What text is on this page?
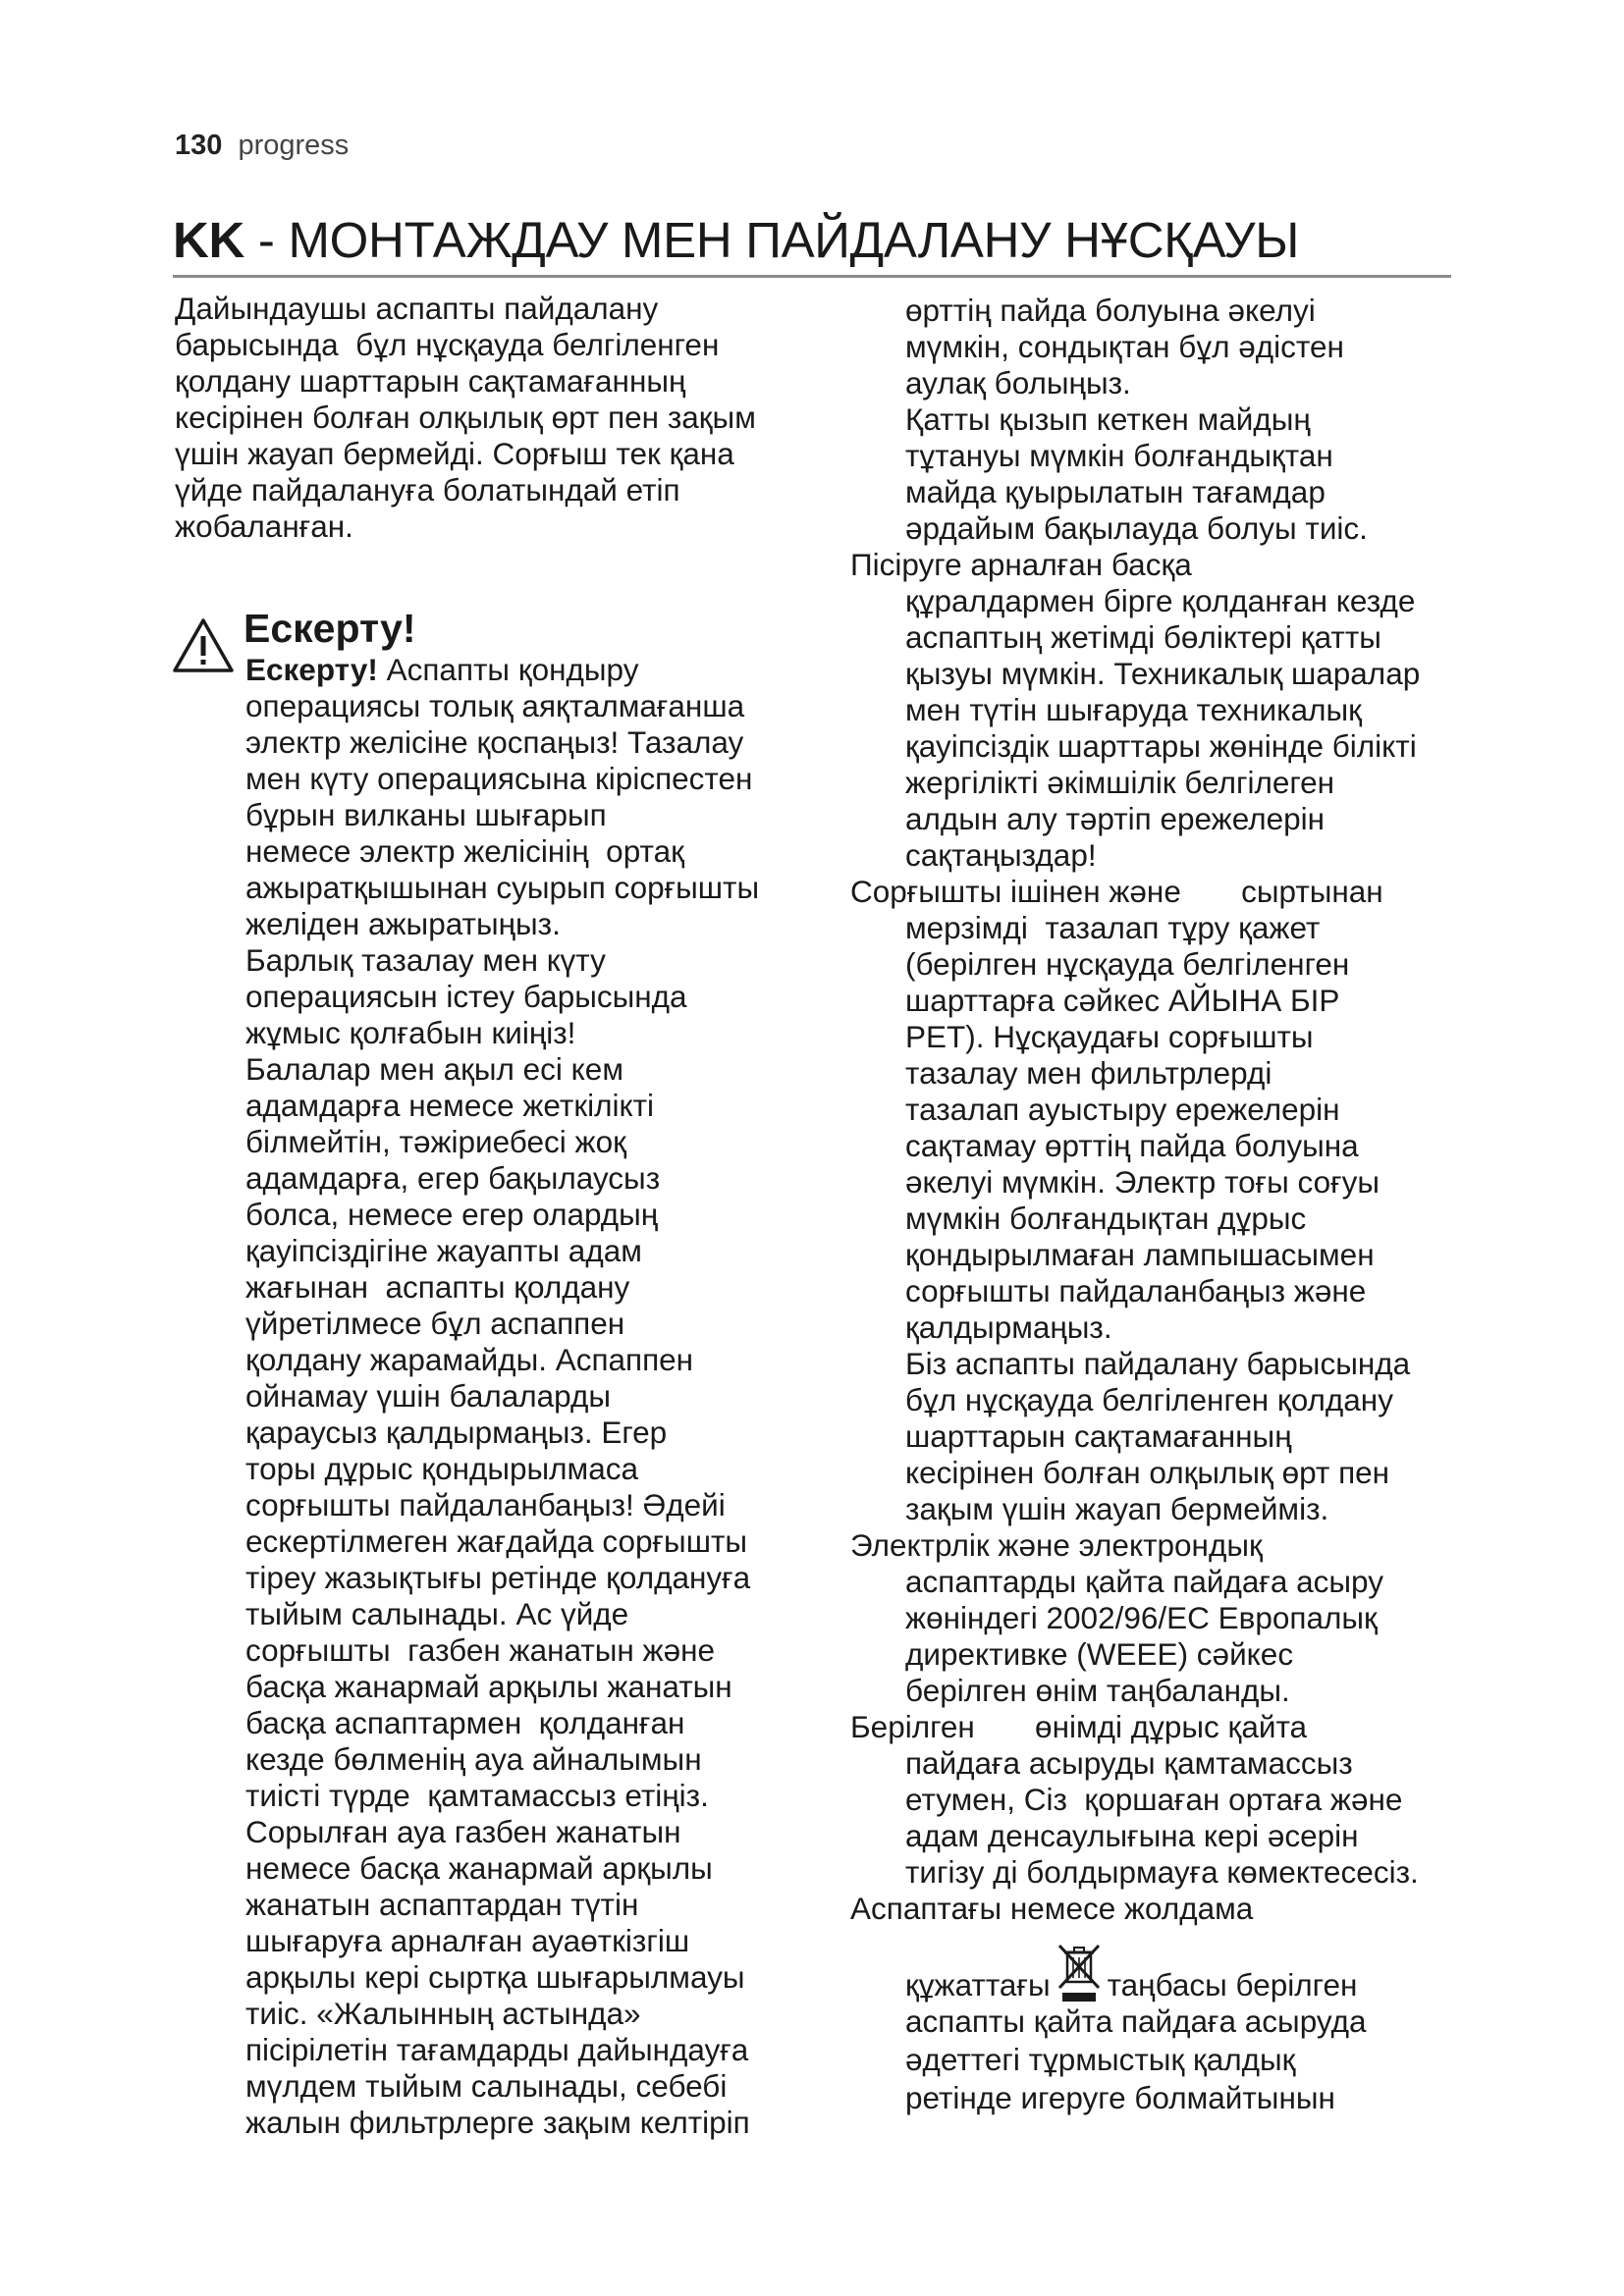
130 progress
KK - МОНТАЖДАУ МЕН ПАЙДАЛАНУ НҰСҚАУЫ

Дайындаушы аспапты пайдалану

барысында  бұл нұсқауда белгіленген

қолдану шарттарын сақтамағанның

кесірінен болған олқылық өрт пен зақым

үшін жауап бермейді. Сорғыш тек қана

үйде пайдалануға болатындай етіп

жобаланған.

Ескерту!

Ескерту! Аспапты қондыру

операциясы толық аяқталмағанша

электр желісіне қоспаңыз! Тазалау

мен күту операциясына кіріспестен

бұрын вилканы шығарып

немесе электр желісінің  ортақ

ажыратқышынан суырып сорғышты

желіден ажыратыңыз.

Барлық тазалау мен күту

операциясын істеу барысында

жұмыс қолғабын киіңіз!

Балалар мен ақыл есі кем

адамдарға немесе жеткілікті

білмейтін, тәжіриебесі жоқ

адамдарға, егер бақылаусыз

болса, немесе егер олардың

қауіпсіздігіне жауапты адам

жағынан  аспапты қолдану

үйретілмесе бұл аспаппен

қолдану жарамайды. Аспаппен

ойнамау үшін балаларды

қараусыз қалдырмаңыз. Егер

торы дұрыс қондырылмаса

сорғышты пайдаланбаңыз! Әдейі

ескертілмеген жағдайда сорғышты

тіреу жазықтығы ретінде қолдануға

тыйым салынады. Ас үйде

сорғышты  газбен жанатын және

басқа жанармай арқылы жанатын

басқа аспаптармен  қолданған

кезде бөлменің ауа айналымын

тиісті түрде  қамтамассыз етіңіз.

Сорылған ауа газбен жанатын

немесе басқа жанармай арқылы

жанатын аспаптардан түтін

шығаруға арналған ауаөткізгіш

арқылы кері сыртқа шығарылмауы

тиіс. «Жалынның астында»

пісірілетін тағамдарды дайындауға

мүлдем тыйым салынады, себебі

жалын фильтрлерге зақым келтіріп

өрттің пайда болуына әкелуі

мүмкін, сондықтан бұл әдістен

аулақ болыңыз.

Қатты қызып кеткен майдың

тұтануы мүмкін болғандықтан

майда қуырылатын тағамдар

әрдайым бақылауда болуы тиіс.

Пісіруге арналған басқа

құралдармен бірге қолданған кезде

аспаптың жетімді бөліктері қатты

қызуы мүмкін. Техникалық шаралар

мен түтін шығаруда техникалық

қауіпсіздік шарттары жөнінде білікті

жергілікті әкімшілік белгілеген

алдын алу тәртіп ережелерін

сақтаңыздар!

Сорғышты ішінен және       сыртынан

мерзімді  тазалап тұру қажет

(берілген нұсқауда белгіленген

шарттарға сәйкес АЙЫНА БІР

РЕТ). Нұсқаудағы сорғышты

тазалау мен фильтрлерді

тазалап ауыстыру ережелерін

сақтамау өрттің пайда болуына

әкелуі мүмкін. Электр тоғы соғуы

мүмкін болғандықтан дұрыс

қондырылмаған лампышасымен

сорғышты пайдаланбаңыз және

қалдырмаңыз.

Біз аспапты пайдалану барысында

бұл нұсқауда белгіленген қолдану

шарттарын сақтамағанның

кесірінен болған олқылық өрт пен

зақым үшін жауап бермейміз.

Электрлік және электрондық

аспаптарды қайта пайдаға асыру

жөніндегі 2002/96/ЕС Европалық

директивке (WEEE) сәйкес

берілген өнім таңбаланды.

Берілген       өнімді дұрыс қайта

пайдаға асыруды қамтамассыз

етумен, Сіз  қоршаған ортаға және

адам денсаулығына кері әсерін

тигізу ді болдырмауға көмектесесіз.

Аспаптағы немесе жолдама

құжаттағы таңбасы берілген

аспапты қайта пайдаға асыруда

әдеттегі тұрмыстық қалдық

ретінде игеруге болмайтынын
